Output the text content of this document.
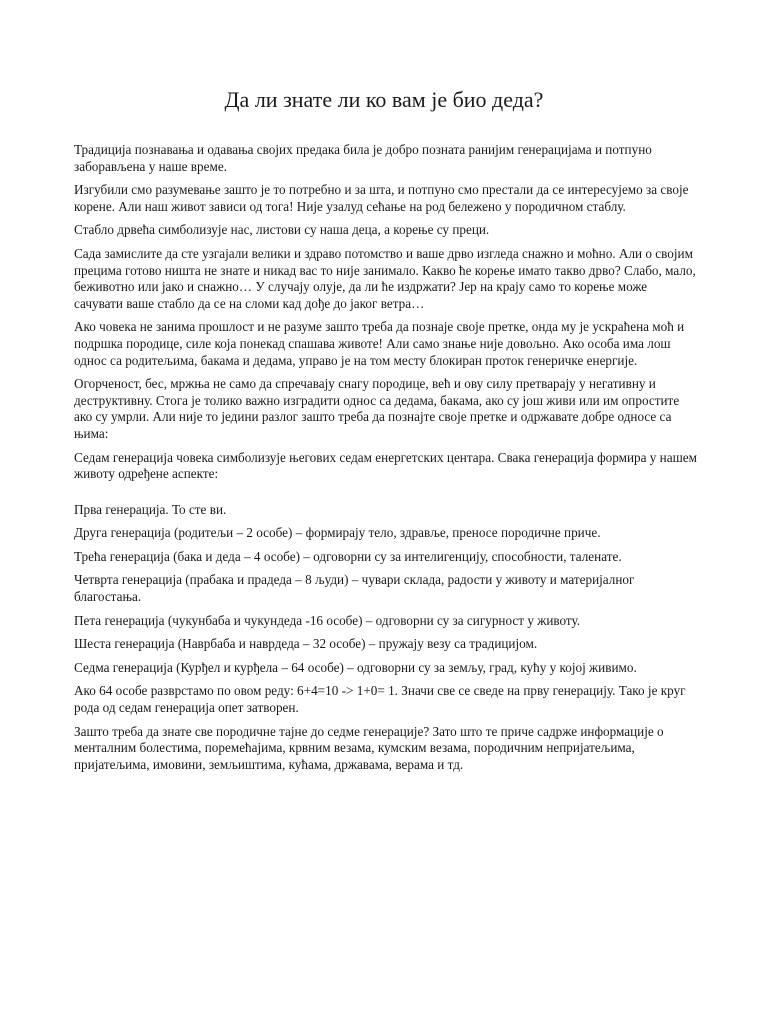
Да ли знате ли ко вам је био деда?

Традиција познавања и одавања својих предака била је добро позната ранијим генерацијама и потпуно заборављена у наше време.

Изгубили смо разумевање зашто је то потребно и за шта, и потпуно смо престали да се интересујемо за своје корене. Али наш живот зависи од тога! Није узалуд сећање на род бележено у породичном стаблу.

Стабло дрвећа симболизује нас, листови су наша деца, а корење су преци.

Сада замислите да сте узгајали велики и здраво потомство и ваше дрво изгледа снажно и моћно. Али о својим прецима готово ништа не знате и никад вас то није занимало. Какво ће корење имато такво дрво? Слабо, мало, беживотно или јако и снажно… У случају олује, да ли ће издржати? Јер на крају само то корење може сачувати ваше стабло да се на сломи кад дође до јаког ветра…

Ако човека не занима прошлост и не разуме зашто треба да познаје своје претке, онда му је ускраћена моћ и подршка породице, силе која понекад спашава животе! Али само знање није довољно. Ако особа има лош однос са родитељима, бакама и дедама, управо је на том месту блокиран проток генеричке енергије.

Огорченост, бес, мржња не само да спречавају снагу породице, већ и ову силу претварају у негативну и деструктивну. Стога је толико важно изградити однос са дедама, бакама, ако су још живи или им опростите ако су умрли. Али није то једини разлог зашто треба да познајте своје претке и одржавате добре односе са њима:

Седам генерација човека симболизује његових седам енергетских центара. Свака генерација формира у нашем животу одређене аспекте:

Прва генерација. То сте ви.

Друга генерација (родитељи – 2 особе) – формирају тело, здравље, преносе породичне приче.

Трећа генерација (бака и деда – 4 особе) – одговорни су за интелигенцију, способности, таленате.

Четврта генерација (прабака и прадеда – 8 људи) – чувари склада, радости у животу и материјалног благостања.

Пета генерација (чукунбаба и чукундеда -16 особе) – одговорни су за сигурност у животу.

Шеста генерација (Наврбаба и наврдеда – 32 особе) – пружају везу са традицијом.

Седма генерација (Курђел и курђела – 64 особе) – одговорни су за земљу, град, кућу у којој живимо.

Ако 64 особе разврстамо по овом реду: 6+4=10 -> 1+0= 1. Значи све се сведе на прву генерацију. Тако је круг рода од седам генерација опет затворен.

Зашто треба да знате све породичне тајне до седме генерације? Зато што те приче садрже информације о менталним болестима, поремећајима, крвним везама, кумским везама, породичним непријатељима, пријатељима, имовини, земљиштима, кућама, државама, верама и тд.
